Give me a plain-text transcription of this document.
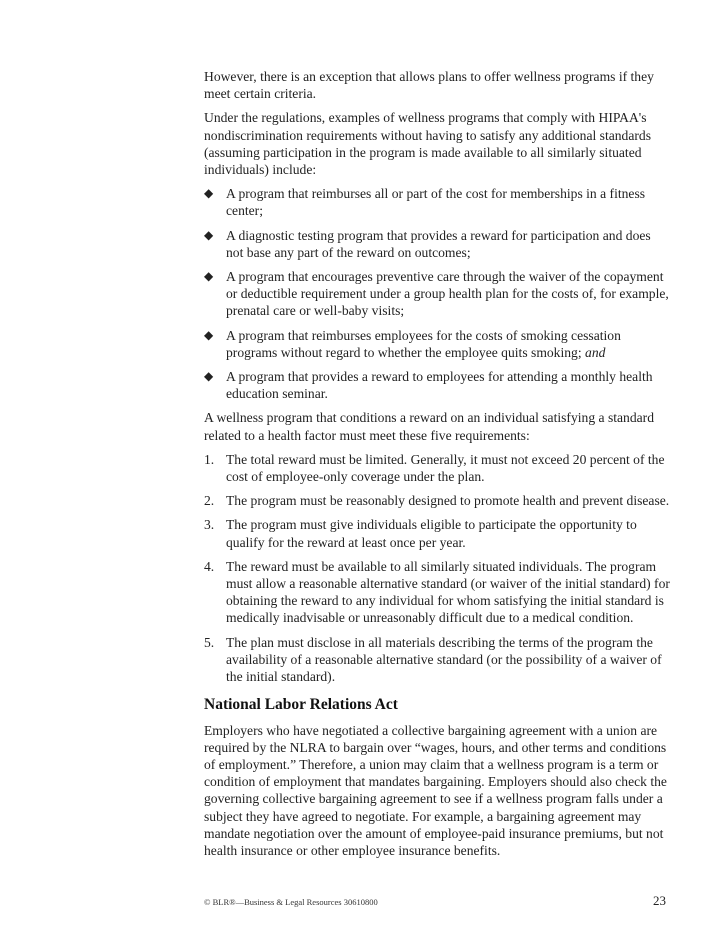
However, there is an exception that allows plans to offer wellness programs if they meet certain criteria.

Under the regulations, examples of wellness programs that comply with HIPAA's nondiscrimination requirements without having to satisfy any additional standards (assuming participation in the program is made available to all similarly situated individuals) include:

◆ A program that reimburses all or part of the cost for memberships in a fitness center;
◆ A diagnostic testing program that provides a reward for participation and does not base any part of the reward on outcomes;
◆ A program that encourages preventive care through the waiver of the copayment or deductible requirement under a group health plan for the costs of, for example, prenatal care or well-baby visits;
◆ A program that reimburses employees for the costs of smoking cessation programs without regard to whether the employee quits smoking; and
◆ A program that provides a reward to employees for attending a monthly health education seminar.

A wellness program that conditions a reward on an individual satisfying a standard related to a health factor must meet these five requirements:

1. The total reward must be limited. Generally, it must not exceed 20 percent of the cost of employee-only coverage under the plan.
2. The program must be reasonably designed to promote health and prevent disease.
3. The program must give individuals eligible to participate the opportunity to qualify for the reward at least once per year.
4. The reward must be available to all similarly situated individuals. The program must allow a reasonable alternative standard (or waiver of the initial standard) for obtaining the reward to any individual for whom satisfying the initial standard is medically inadvisable or unreasonably difficult due to a medical condition.
5. The plan must disclose in all materials describing the terms of the program the availability of a reasonable alternative standard (or the possibility of a waiver of the initial standard).
National Labor Relations Act

Employers who have negotiated a collective bargaining agreement with a union are required by the NLRA to bargain over “wages, hours, and other terms and conditions of employment.” Therefore, a union may claim that a wellness program is a term or condition of employment that mandates bargaining. Employers should also check the governing collective bargaining agreement to see if a wellness program falls under a subject they have agreed to negotiate. For example, a bargaining agreement may mandate negotiation over the amount of employee-paid insurance premiums, but not health insurance or other employee insurance benefits.

© BLR®—Business & Legal Resources 30610800	23
